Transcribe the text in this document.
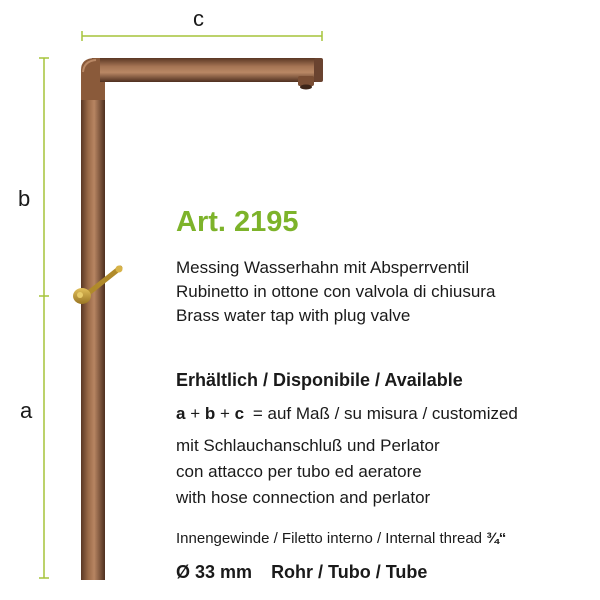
c
b
a
Art. 2195
Messing Wasserhahn mit Absperrventil
Rubinetto in ottone con valvola di chiusura
Brass water tap with plug valve
Erhältlich / Disponibile / Available
a + b + c = auf Maß / su misura / customized
mit Schlauchanschluß und Perlator
con attacco per tubo ed aeratore
with hose connection and perlator
Innengewinde / Filetto interno / Internal thread ¾“
Ø 33 mm Rohr / Tubo / Tube
